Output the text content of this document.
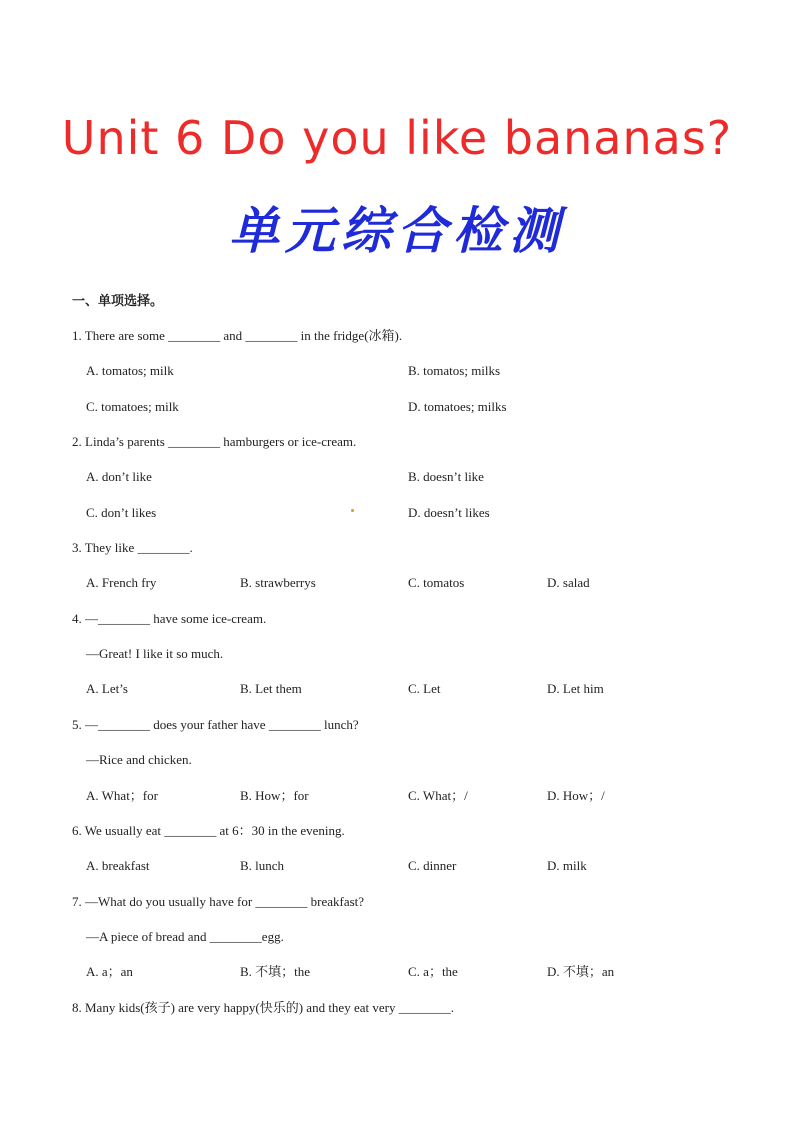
Unit 6 Do you like bananas?
单元综合检测
一、单项选择。
1. There are some ________ and ________ in the fridge(冰箱).
A. tomatos; milk	B. tomatos; milks
C. tomatoes; milk	D. tomatoes; milks
2. Linda’s parents ________ hamburgers or ice-cream.
A. don’t like	B. doesn’t like
C. don’t likes	D. doesn’t likes
3. They like ________.
A. French fry	B. strawberrys	C. tomatos	D. salad
4. —________ have some ice-cream.
—Great! I like it so much.
A. Let’s	B. Let them	C. Let	D. Let him
5. —________ does your father have ________ lunch?
—Rice and chicken.
A. What；for	B. How；for	C. What；/	D. How；/
6. We usually eat ________ at 6：30 in the evening.
A. breakfast	B. lunch	C. dinner	D. milk
7. —What do you usually have for ________ breakfast?
—A piece of bread and ________egg.
A. a；an	B. 不填；the	C. a；the	D. 不填；an
8. Many kids(孩子) are very happy(快乐的) and they eat very ________.
